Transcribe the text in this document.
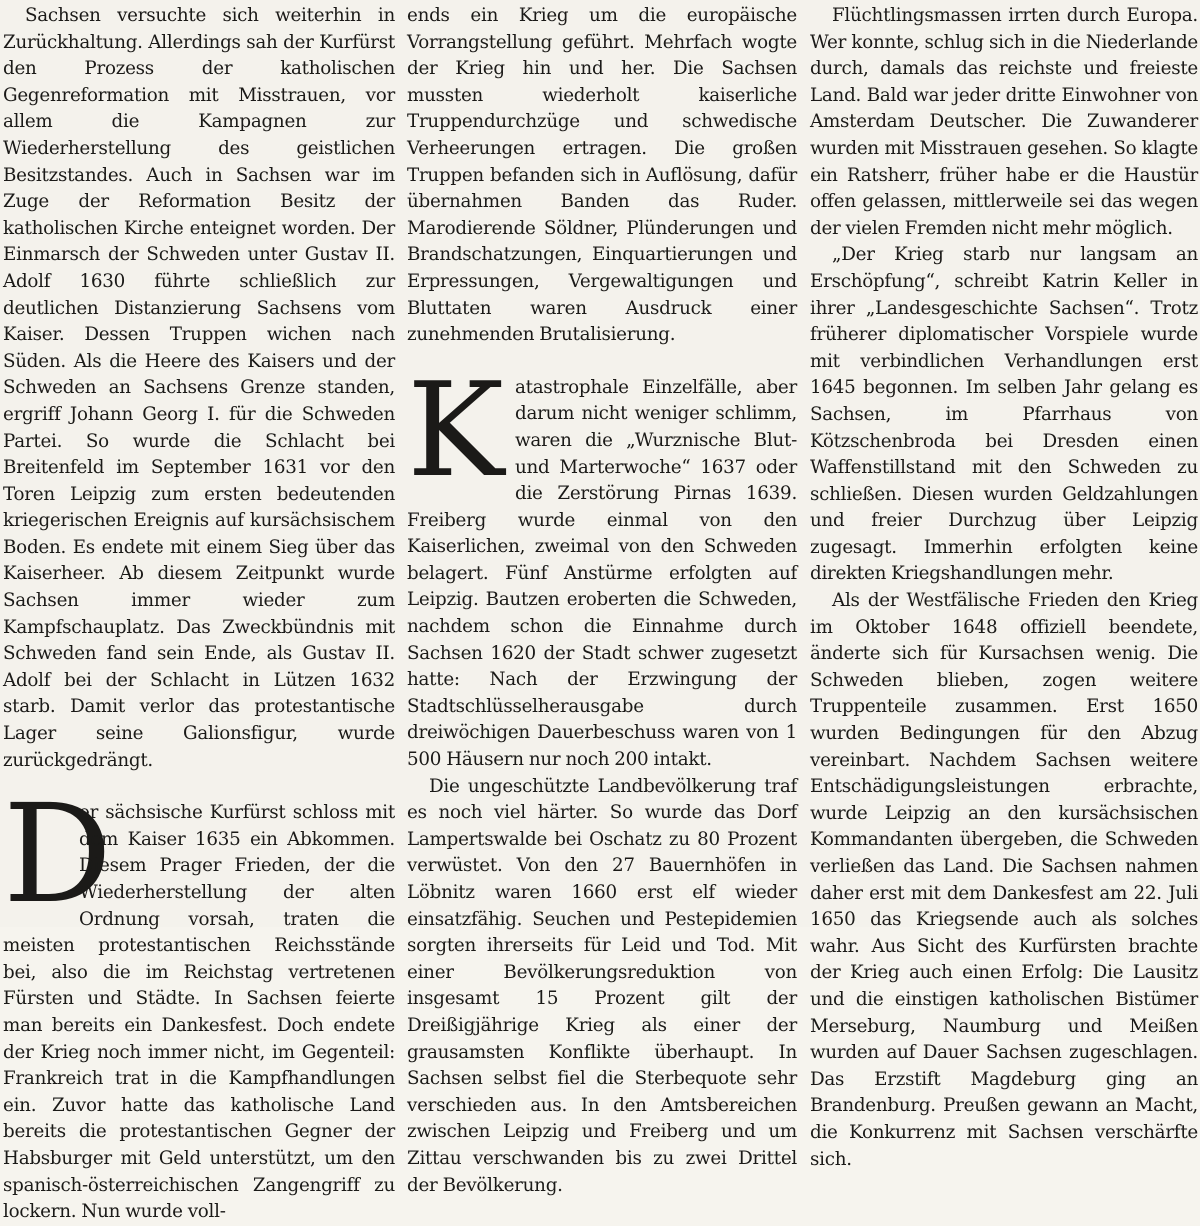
Sachsen versuchte sich weiterhin in Zurückhaltung. Allerdings sah der Kurfürst den Prozess der katholischen Gegenreformation mit Misstrauen, vor allem die Kampagnen zur Wiederherstellung des geistlichen Besitzstandes. Auch in Sachsen war im Zuge der Reformation Besitz der katholischen Kirche enteignet worden. Der Einmarsch der Schweden unter Gustav II. Adolf 1630 führte schließlich zur deutlichen Distanzierung Sachsens vom Kaiser. Dessen Truppen wichen nach Süden. Als die Heere des Kaisers und der Schweden an Sachsens Grenze standen, ergriff Johann Georg I. für die Schweden Partei. So wurde die Schlacht bei Breitenfeld im September 1631 vor den Toren Leipzig zum ersten bedeutenden kriegerischen Ereignis auf kursächsischem Boden. Es endete mit einem Sieg über das Kaiserheer. Ab diesem Zeitpunkt wurde Sachsen immer wieder zum Kampfschauplatz. Das Zweckbündnis mit Schweden fand sein Ende, als Gustav II. Adolf bei der Schlacht in Lützen 1632 starb. Damit verlor das protestantische Lager seine Galionsfigur, wurde zurückgedrängt.

D

er sächsische Kurfürst schloss mit dem Kaiser 1635 ein Abkommen. Diesem Prager Frieden, der die Wiederherstellung der alten Ordnung vorsah, traten die meisten protestantischen Reichsstände bei, also die im Reichstag vertretenen Fürsten und Städte. In Sachsen feierte man bereits ein Dankesfest. Doch endete der Krieg noch immer nicht, im Gegenteil: Frankreich trat in die Kampfhandlungen ein. Zuvor hatte das katholische Land bereits die protestantischen Gegner der Habsburger mit Geld unterstützt, um den spanisch-österreichischen Zangengriff zu lockern. Nun wurde voll-

ends ein Krieg um die europäische Vorrangstellung geführt. Mehrfach wogte der Krieg hin und her. Die Sachsen mussten wiederholt kaiserliche Truppendurchzüge und schwedische Verheerungen ertragen. Die großen Truppen befanden sich in Auflösung, dafür übernahmen Banden das Ruder. Marodierende Söldner, Plünderungen und Brandschatzungen, Einquartierungen und Erpressungen, Vergewaltigungen und Bluttaten waren Ausdruck einer zunehmenden Brutalisierung.

K atastrophale Einzelfälle, aber darum nicht weniger schlimm, waren die „Wurznische Blut- und Marterwoche“ 1637 oder die Zerstörung Pirnas 1639. Freiberg wurde einmal von den Kaiserlichen, zweimal von den Schweden belagert. Fünf Anstürme erfolgten auf Leipzig. Bautzen eroberten die Schweden, nachdem schon die Einnahme durch Sachsen 1620 der Stadt schwer zugesetzt hatte: Nach der Erzwingung der Stadtschlüsselherausgabe durch dreiwöchigen Dauerbeschuss waren von 1 500 Häusern nur noch 200 intakt.

Die ungeschützte Landbevölkerung traf es noch viel härter. So wurde das Dorf Lampertswalde bei Oschatz zu 80 Prozent verwüstet. Von den 27 Bauernhöfen in Löbnitz waren 1660 erst elf wieder einsatzfähig. Seuchen und Pestepidemien sorgten ihrerseits für Leid und Tod. Mit einer Bevölkerungsreduktion von insgesamt 15 Prozent gilt der Dreißigjährige Krieg als einer der grausamsten Konflikte überhaupt. In Sachsen selbst fiel die Sterbequote sehr verschieden aus. In den Amtsbereichen zwischen Leipzig und Freiberg und um Zittau verschwanden bis zu zwei Drittel der Bevölkerung.

Flüchtlingsmassen irrten durch Europa. Wer konnte, schlug sich in die Niederlande durch, damals das reichste und freieste Land. Bald war jeder dritte Einwohner von Amsterdam Deutscher. Die Zuwanderer wurden mit Misstrauen gesehen. So klagte ein Ratsherr, früher habe er die Haustür offen gelassen, mittlerweile sei das wegen der vielen Fremden nicht mehr möglich.

„Der Krieg starb nur langsam an Erschöpfung“, schreibt Katrin Keller in ihrer „Landesgeschichte Sachsen“. Trotz früherer diplomatischer Vorspiele wurde mit verbindlichen Verhandlungen erst 1645 begonnen. Im selben Jahr gelang es Sachsen, im Pfarrhaus von Kötzschenbroda bei Dresden einen Waffenstillstand mit den Schweden zu schließen. Diesen wurden Geldzahlungen und freier Durchzug über Leipzig zugesagt. Immerhin erfolgten keine direkten Kriegshandlungen mehr.

Als der Westfälische Frieden den Krieg im Oktober 1648 offiziell beendete, änderte sich für Kursachsen wenig. Die Schweden blieben, zogen weitere Truppenteile zusammen. Erst 1650 wurden Bedingungen für den Abzug vereinbart. Nachdem Sachsen weitere Entschädigungsleistungen erbrachte, wurde Leipzig an den kursächsischen Kommandanten übergeben, die Schweden verließen das Land. Die Sachsen nahmen daher erst mit dem Dankesfest am 22. Juli 1650 das Kriegsende auch als solches wahr. Aus Sicht des Kurfürsten brachte der Krieg auch einen Erfolg: Die Lausitz und die einstigen katholischen Bistümer Merseburg, Naumburg und Meißen wurden auf Dauer Sachsen zugeschlagen. Das Erzstift Magdeburg ging an Brandenburg. Preußen gewann an Macht, die Konkurrenz mit Sachsen verschärfte sich.
